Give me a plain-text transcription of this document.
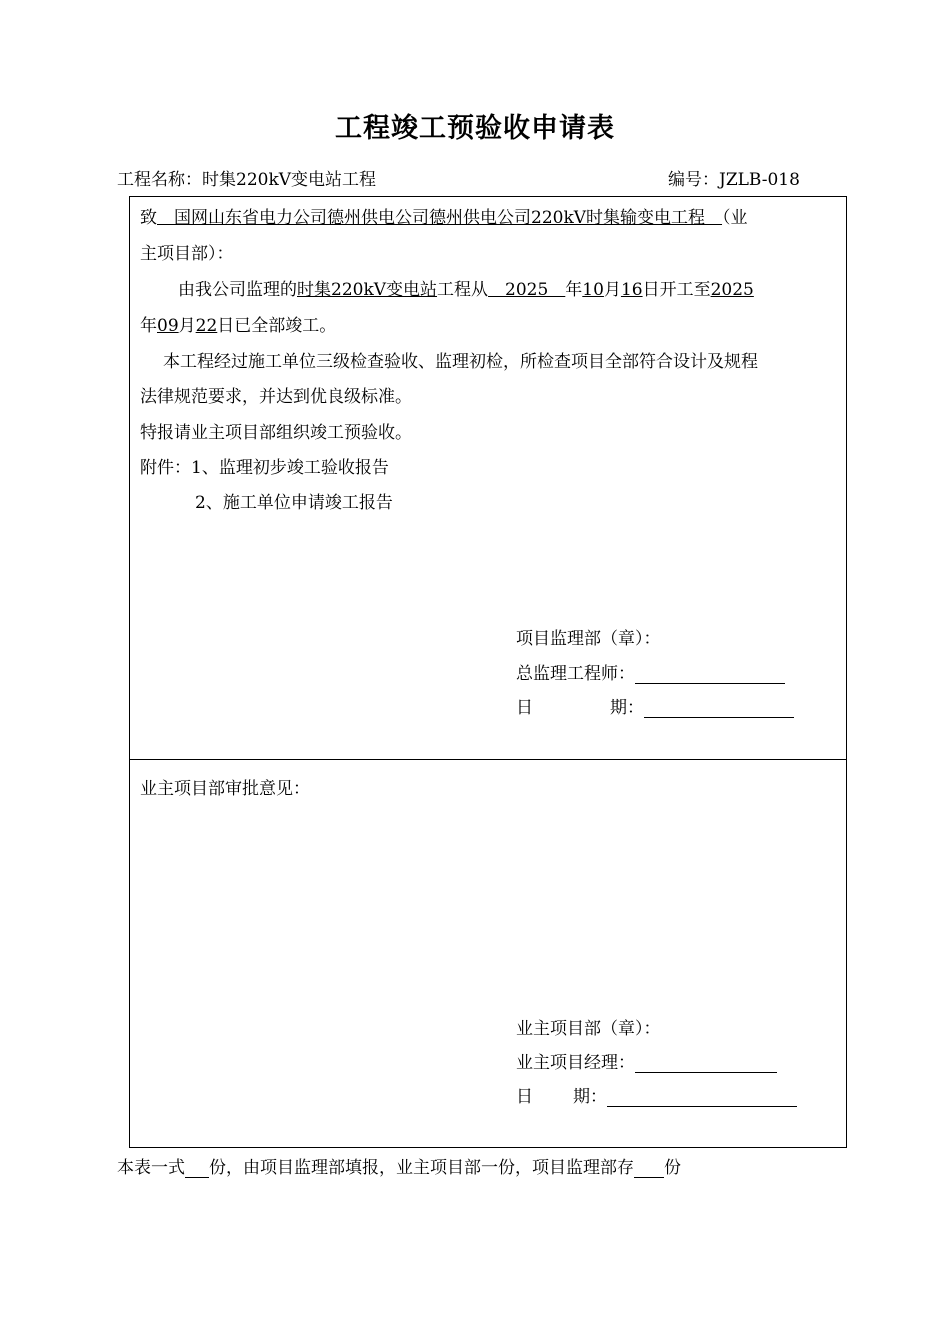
工程竣工预验收申请表
工程名称：时集220kV变电站工程	编号：JZLB-018
致　国网山东省电力公司德州供电公司德州供电公司220kV时集输变电工程　（业
主项目部）：
由我公司监理的时集220kV变电站工程从　2025　年10月16日开工至2025
年09月22日已全部竣工。
本工程经过施工单位三级检查验收、监理初检，所检查项目全部符合设计及规程
法律规范要求，并达到优良级标准。
特报请业主项目部组织竣工预验收。
附件：1、监理初步竣工验收报告
2、施工单位申请竣工报告
项目监理部（章）：
总监理工程师：
日	期：
业主项目部审批意见：
业主项目部（章）：
业主项目经理：
日 期：
本表一式 份，由项目监理部填报，业主项目部一份，项目监理部存 份
